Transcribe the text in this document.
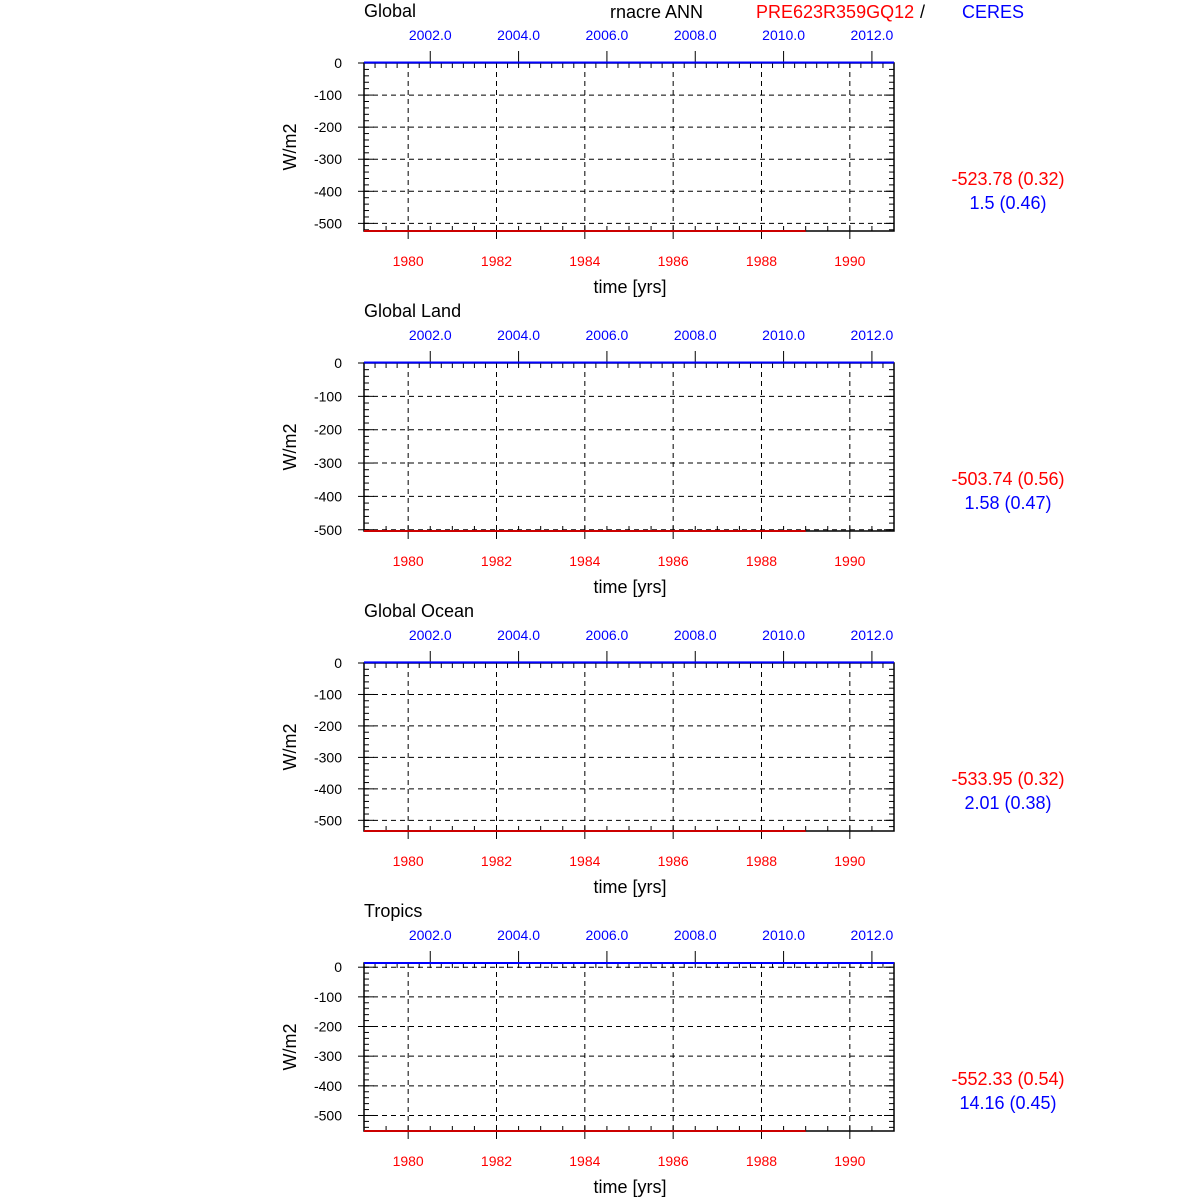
rnacre ANN	PRE623R359GQ12 / CERES
0
-100
-200
-300
-400
-500
1980	1982	1984	1986	1988	1990
2002.0	2004.0	2006.0	2008.0	2010.0	2012.0
Global
W/m2
time [yrs]
-523.78 (0.32)
1.5 (0.46)
0
-100
-200
-300
-400
-500
1980	1982	1984	1986	1988	1990
2002.0	2004.0	2006.0	2008.0	2010.0	2012.0
Global Land
W/m2
time [yrs]
-503.74 (0.56)
1.58 (0.47)
0
-100
-200
-300
-400
-500
1980	1982	1984	1986	1988	1990
2002.0	2004.0	2006.0	2008.0	2010.0	2012.0
Global Ocean
W/m2
time [yrs]
-533.95 (0.32)
2.01 (0.38)
0
-100
-200
-300
-400
-500
1980	1982	1984	1986	1988	1990
2002.0	2004.0	2006.0	2008.0	2010.0	2012.0
Tropics
W/m2
time [yrs]
-552.33 (0.54)
14.16 (0.45)
